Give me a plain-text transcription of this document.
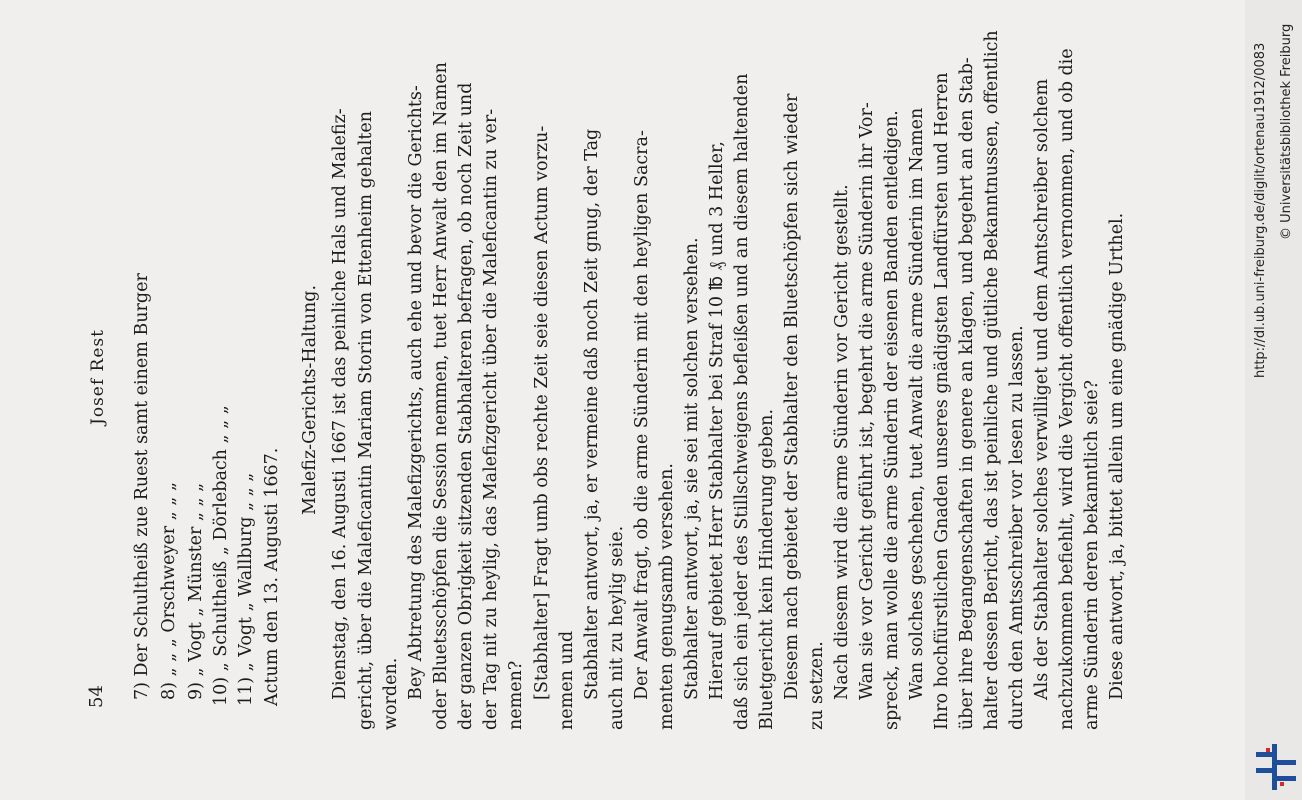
54
Josef Rest 7) Der Schultheiß zue Ruest samt einem Burger 8) „ „ „ Orschweyer „ „ „ 9) „ Vogt „ Münster „ „ „ 10) „ Schultheiß „ Dörlebach „ „ „ 11) „ Vogt „ Wallburg „ „ „ Actum den 13. Augusti 1667.
Malefiz-Gerichts-Haltung. Dienstag, den 16. Augusti 1667 ist das peinliche Hals und Malefiz- gericht, über die Maleficantin Mariam Storin von Ettenheim gehalten worden. Bey Abtretung des Malefizgerichts, auch ehe und bevor die Gerichts- oder Bluetsschöpfen die Session nemmen, tuet Herr Anwalt den im Namen der ganzen Obrigkeit sitzenden Stabhalteren befragen, ob noch Zeit und der Tag nit zu heylig, das Malefizgericht über die Maleficantin zu ver- nemen? [Stabhalter] Fragt umb obs rechte Zeit seie diesen Actum vorzu- nemen und Stabhalter antwort, ja, er vermeine daß noch Zeit gnug, der Tag auch nit zu heylig seie. Der Anwalt fragt, ob die arme Sünderin mit den heyligen Sacra- menten genugsamb versehen. Stabhalter antwort, ja, sie sei mit solchen versehen. Hierauf gebietet Herr Stabhalter bei Straf 10 ℔ ₰ und 3 Heller, daß sich ein jeder des Stillschweigens befleißen und an diesem haltenden Bluetgericht kein Hinderung geben. Diesem nach gebietet der Stabhalter den Bluetschöpfen sich wieder zu setzen. Nach diesem wird die arme Sünderin vor Gericht gestellt. Wan sie vor Gericht geführt ist, begehrt die arme Sünderin ihr Vor- spreck, man wolle die arme Sünderin der eisenen Banden entledigen. Wan solches geschehen, tuet Anwalt die arme Sünderin im Namen Ihro hochfürstlichen Gnaden unseres gnädigsten Landfürsten und Herren über ihre Begangenschaften in genere an klagen, und begehrt an den Stab- halter dessen Bericht, das ist peinliche und gütliche Bekanntnussen, offentlich durch den Amtsschreiber vor lesen zu lassen. Als der Stabhalter solches verwilliget und dem Amtschreiber solchem nachzukommen befiehlt, wird die Vergicht offentlich vernommen, und ob die arme Sünderin deren bekanntlich seie? Diese antwort, ja, bittet allein um eine gnädige Urthel.
http://dl.ub.uni-freiburg.de/diglit/ortenau1912/0083 © Universitätsbibliothek Freiburg
